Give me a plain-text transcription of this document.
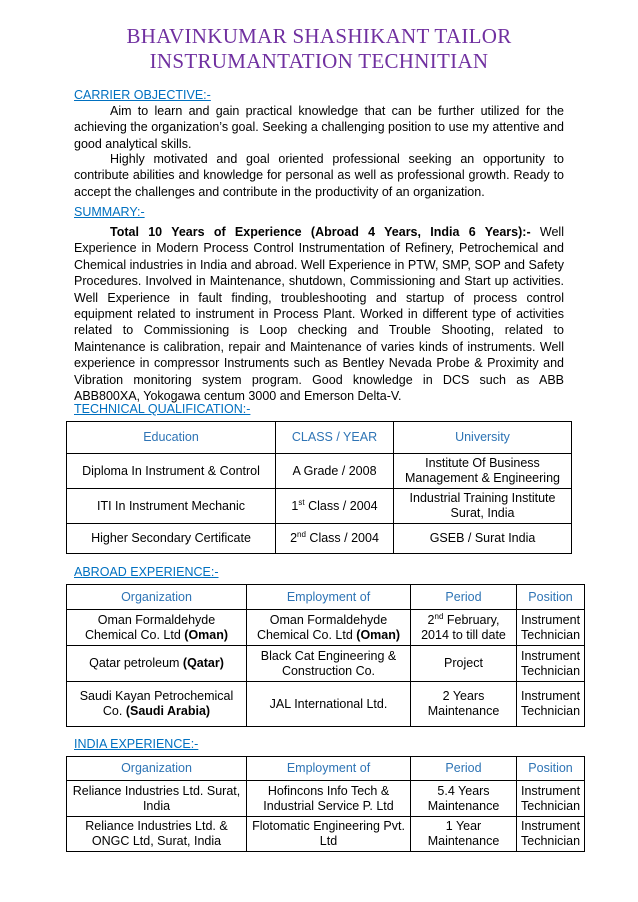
BHAVINKUMAR SHASHIKANT TAILOR
INSTRUMANTATION TECHNITIAN
CARRIER OBJECTIVE:-
Aim to learn and gain practical knowledge that can be further utilized for the achieving the organization’s goal. Seeking a challenging position to use my attentive and good analytical skills.
Highly motivated and goal oriented professional seeking an opportunity to contribute abilities and knowledge for personal as well as professional growth. Ready to accept the challenges and contribute in the productivity of an organization.
SUMMARY:-
Total 10 Years of Experience (Abroad 4 Years, India 6 Years):- Well Experience in Modern Process Control Instrumentation of Refinery, Petrochemical and Chemical industries in India and abroad. Well Experience in PTW, SMP, SOP and Safety Procedures. Involved in Maintenance, shutdown, Commissioning and Start up activities. Well Experience in fault finding, troubleshooting and startup of process control equipment related to instrument in Process Plant. Worked in different type of activities related to Commissioning is Loop checking and Trouble Shooting, related to Maintenance is calibration, repair and Maintenance of varies kinds of instruments. Well experience in compressor Instruments such as Bentley Nevada Probe & Proximity and Vibration monitoring system program. Good knowledge in DCS such as ABB ABB800XA, Yokogawa centum 3000 and Emerson Delta-V.
TECHNICAL QUALIFICATION:-
Education	CLASS / YEAR	University
Diploma In Instrument & Control	A Grade / 2008	Institute Of Business Management & Engineering
ITI In Instrument Mechanic	1st Class / 2004	Industrial Training Institute Surat, India
Higher Secondary Certificate	2nd Class / 2004	GSEB / Surat India
ABROAD EXPERIENCE:-
Organization	Employment of	Period	Position
Oman Formaldehyde Chemical Co. Ltd (Oman)	Oman Formaldehyde Chemical Co. Ltd (Oman)	2nd February, 2014 to till date	Instrument Technician
Qatar petroleum (Qatar)	Black Cat Engineering & Construction Co.	Project	Instrument Technician
Saudi Kayan Petrochemical Co. (Saudi Arabia)	JAL International Ltd.	2 Years Maintenance	Instrument Technician
INDIA EXPERIENCE:-
Organization	Employment of	Period	Position
Reliance Industries Ltd. Surat, India	Hofincons Info Tech & Industrial Service P. Ltd	5.4 Years Maintenance	Instrument Technician
Reliance Industries Ltd. & ONGC Ltd, Surat, India	Flotomatic Engineering Pvt. Ltd	1 Year Maintenance	Instrument Technician
